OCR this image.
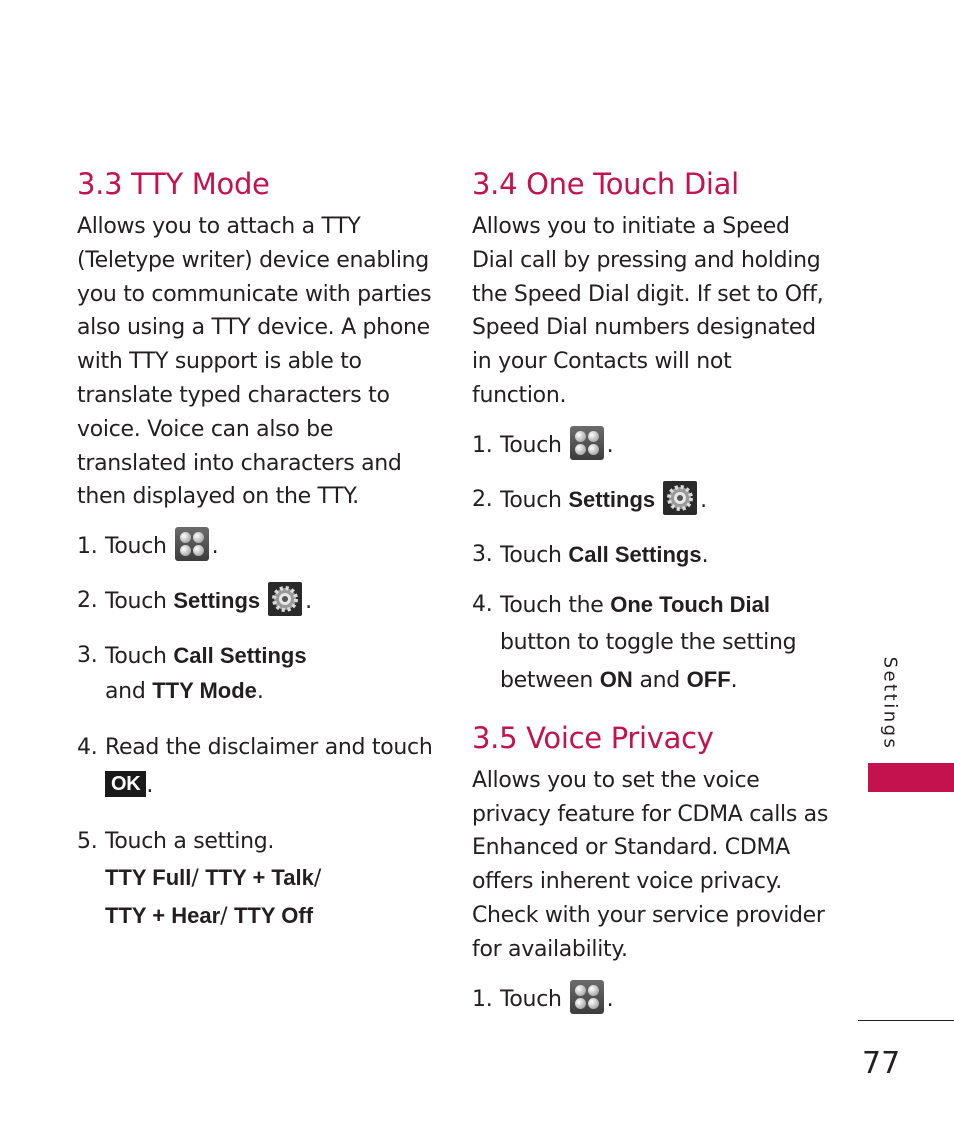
3.3 TTY Mode

Allows you to attach a TTY
(Teletype writer) device enabling
you to communicate with parties
also using a TTY device. A phone
with TTY support is able to
translate typed characters to
voice. Voice can also be
translated into characters and
then displayed on the TTY.

1. Touch .
2. Touch Settings .
3. Touch Call Settings
and TTY Mode.
4. Read the disclaimer and touch
OK .
5. Touch a setting.
TTY Full/ TTY + Talk/
TTY + Hear/ TTY Off
3.4 One Touch Dial

Allows you to initiate a Speed
Dial call by pressing and holding
the Speed Dial digit. If set to Off,
Speed Dial numbers designated
in your Contacts will not
function.

1. Touch .
2. Touch Settings .
3. Touch Call Settings.
4. Touch the One Touch Dial
button to toggle the setting
between ON and OFF.
3.5 Voice Privacy

Allows you to set the voice
privacy feature for CDMA calls as
Enhanced or Standard. CDMA
offers inherent voice privacy.
Check with your service provider
for availability.

1. Touch .
Settings
77
